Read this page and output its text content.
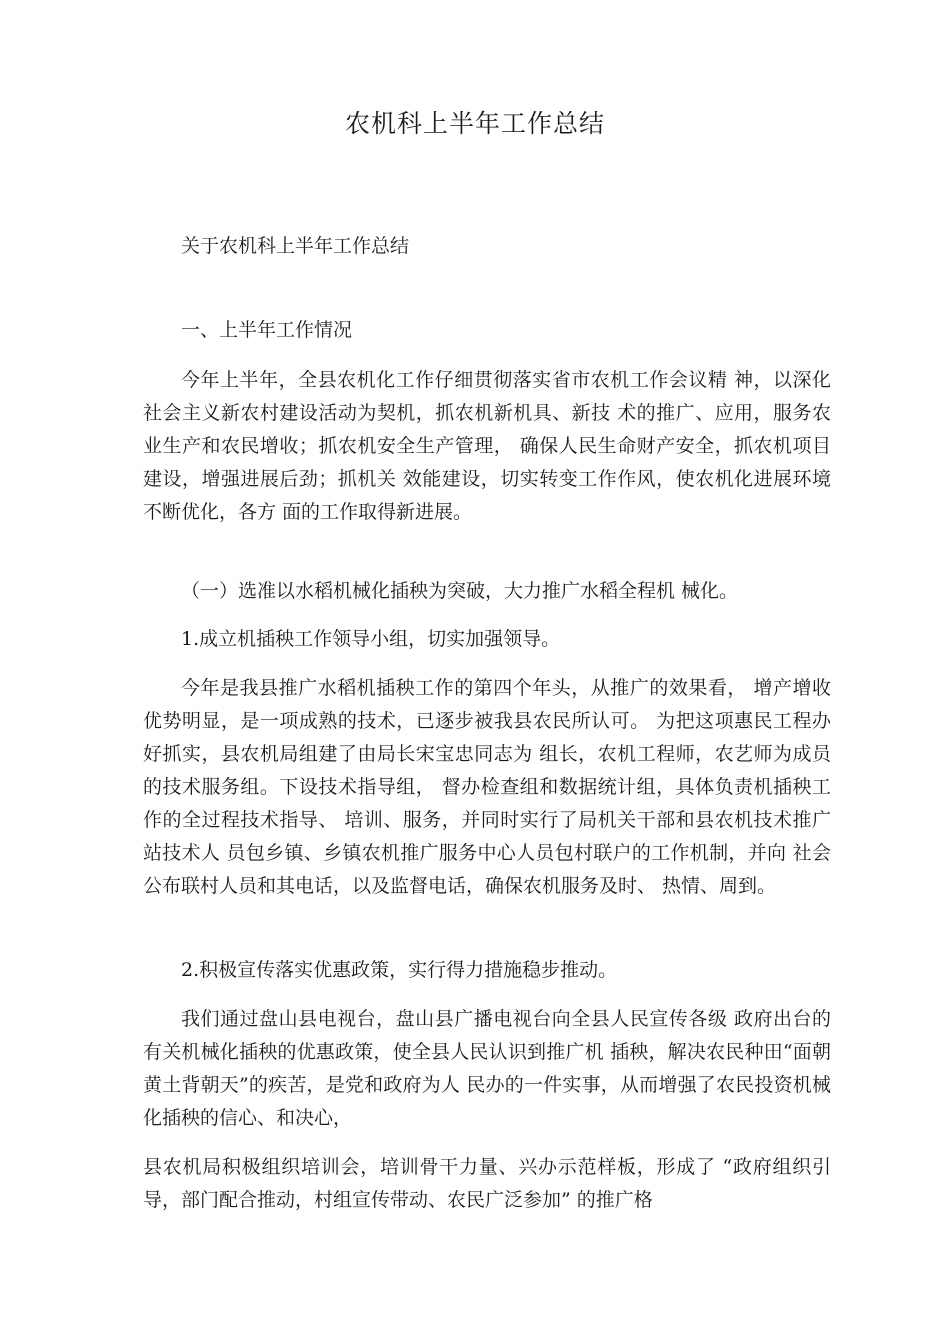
农机科上半年工作总结
关于农机科上半年工作总结
一、上半年工作情况
今年上半年，全县农机化工作仔细贯彻落实省市农机工作会议精 神，以深化社会主义新农村建设活动为契机，抓农机新机具、新技 术的推广、应用，服务农业生产和农民增收；抓农机安全生产管理， 确保人民生命财产安全，抓农机项目建设，增强进展后劲；抓机关 效能建设，切实转变工作作风，使农机化进展环境不断优化，各方 面的工作取得新进展。
（一）选准以水稻机械化插秧为突破，大力推广水稻全程机 械化。
1.成立机插秧工作领导小组，切实加强领导。
今年是我县推广水稻机插秧工作的第四个年头，从推广的效果看， 增产增收优势明显，是一项成熟的技术，已逐步被我县农民所认可。 为把这项惠民工程办好抓实，县农机局组建了由局长宋宝忠同志为 组长，农机工程师，农艺师为成员的技术服务组。下设技术指导组， 督办检查组和数据统计组，具体负责机插秧工作的全过程技术指导、 培训、服务，并同时实行了局机关干部和县农机技术推广站技术人 员包乡镇、乡镇农机推广服务中心人员包村联户的工作机制，并向 社会公布联村人员和其电话，以及监督电话，确保农机服务及时、 热情、周到。
2.积极宣传落实优惠政策，实行得力措施稳步推动。
我们通过盘山县电视台，盘山县广播电视台向全县人民宣传各级 政府出台的有关机械化插秧的优惠政策，使全县人民认识到推广机 插秧，解决农民种田“面朝黄土背朝天”的疾苦，是党和政府为人 民办的一件实事，从而增强了农民投资机械化插秧的信心、和决心，
县农机局积极组织培训会，培训骨干力量、兴办示范样板，形成了 “政府组织引导，部门配合推动，村组宣传带动、农民广泛参加” 的推广格
